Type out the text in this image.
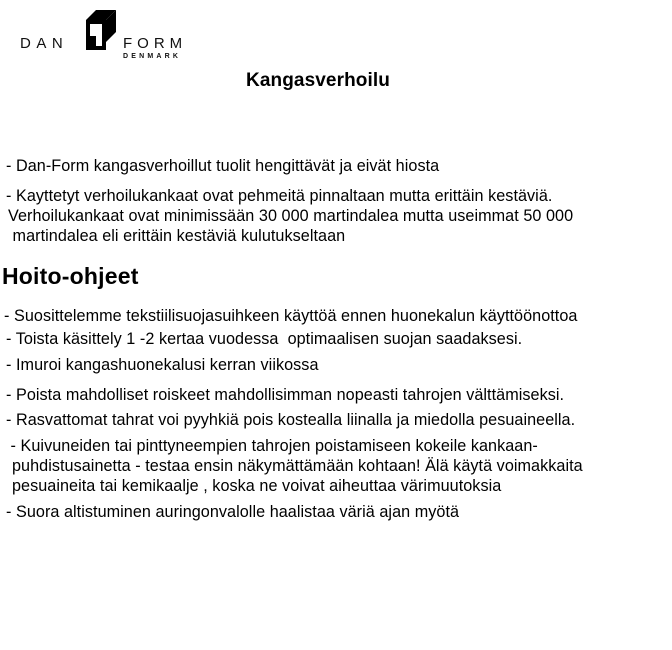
DAN	FORM
DENMARK
Kangasverhoilu
- Dan-Form kangasverhoillut tuolit hengittävät ja eivät hiosta
- Kayttetyt verhoilukankaat ovat pehmeitä pinnaltaan mutta erittäin kestäviä.
Verhoilukankaat ovat minimissään 30 000 martindalea mutta useimmat 50 000
martindalea eli erittäin kestäviä kulutukseltaan
Hoito-ohjeet
- Suosittelemme tekstiilisuojasuihkeen käyttöä ennen huonekalun käyttöönottoa
- Toista käsittely 1 -2 kertaa vuodessa  optimaalisen suojan saadaksesi.
- Imuroi kangashuonekalusi kerran viikossa
- Poista mahdolliset roiskeet mahdollisimman nopeasti tahrojen välttämiseksi.
- Rasvattomat tahrat voi pyyhkiä pois kostealla liinalla ja miedolla pesuaineella.
- Kuivuneiden tai pinttyneempien tahrojen poistamiseen kokeile kankaan-
puhdistusainetta - testaa ensin näkymättämään kohtaan! Älä käytä voimakkaita
pesuaineita tai kemikaalje , koska ne voivat aiheuttaa värimuutoksia
- Suora altistuminen auringonvalolle haalistaa väriä ajan myötä
